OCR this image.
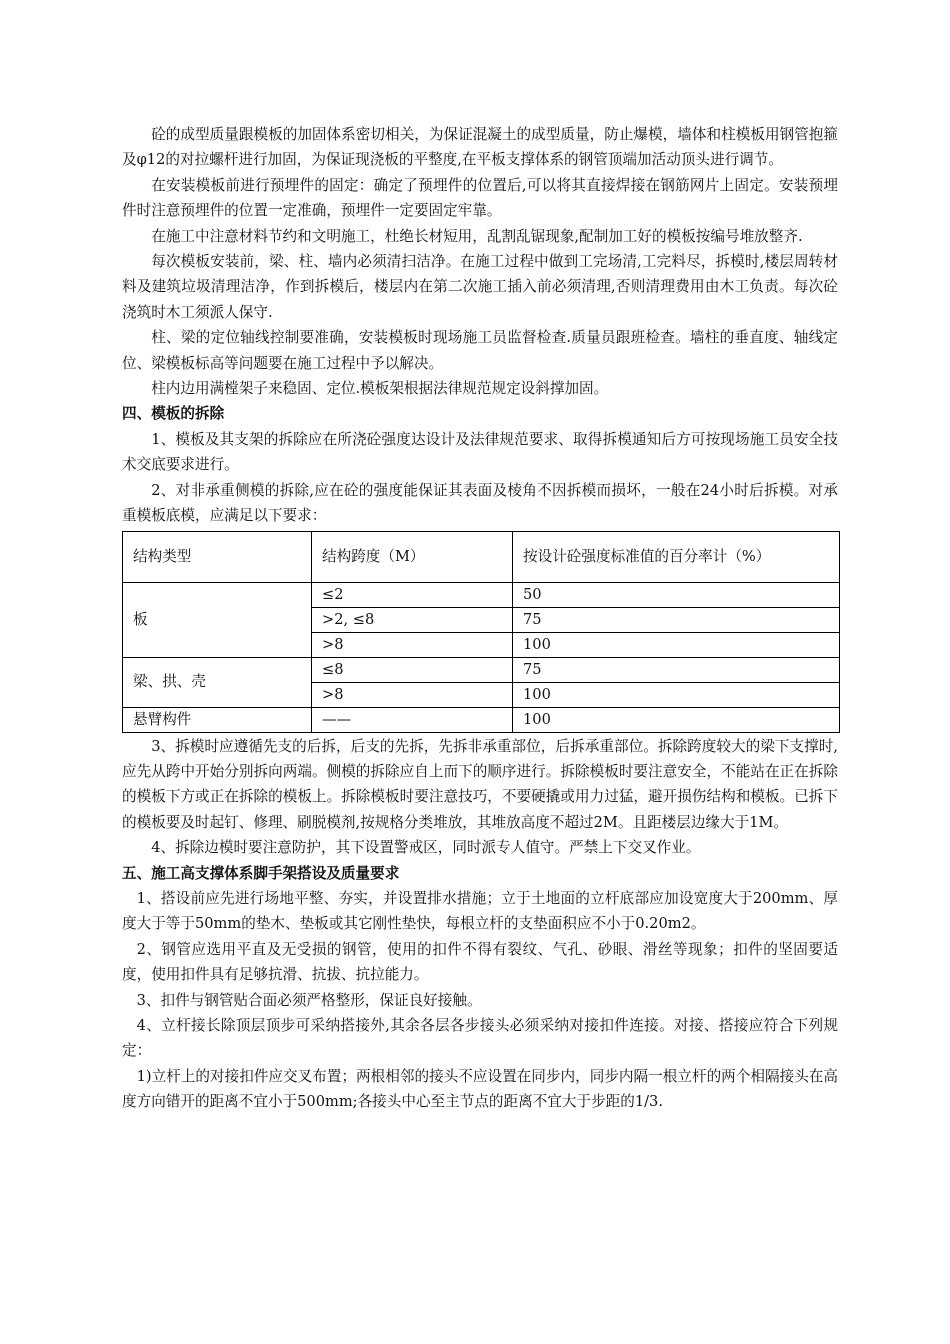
砼的成型质量跟模板的加固体系密切相关，为保证混凝土的成型质量，防止爆模，墙体和柱模板用钢管抱箍及φ12的对拉螺杆进行加固，为保证现浇板的平整度,在平板支撑体系的钢管顶端加活动顶头进行调节。

在安装模板前进行预埋件的固定：确定了预埋件的位置后,可以将其直接焊接在钢筋网片上固定。安装预埋件时注意预埋件的位置一定准确，预埋件一定要固定牢靠。

在施工中注意材料节约和文明施工，杜绝长材短用，乱割乱锯现象,配制加工好的模板按编号堆放整齐.

每次模板安装前，梁、柱、墙内必须清扫洁净。在施工过程中做到工完场清,工完料尽，拆模时,楼层周转材料及建筑垃圾清理洁净，作到拆模后，楼层内在第二次施工插入前必须清理,否则清理费用由木工负责。每次砼浇筑时木工须派人保守.

柱、梁的定位轴线控制要准确，安装模板时现场施工员监督检查.质量员跟班检查。墙柱的垂直度、轴线定位、梁模板标高等问题要在施工过程中予以解决。

柱内边用满樘架子来稳固、定位.模板架根据法律规范规定设斜撑加固。

四、模板的拆除

1、模板及其支架的拆除应在所浇砼强度达设计及法律规范要求、取得拆模通知后方可按现场施工员安全技术交底要求进行。

2、对非承重侧模的拆除,应在砼的强度能保证其表面及棱角不因拆模而损坏，一般在24小时后拆模。对承重模板底模，应满足以下要求：

结构类型	结构跨度（M）	按设计砼强度标准值的百分率计（%）
板	≤2	50
	>2, ≤8	75
	>8	100
梁、拱、壳	≤8	75
	>8	100
悬臂构件	——	100

3、拆模时应遵循先支的后拆，后支的先拆，先拆非承重部位，后拆承重部位。拆除跨度较大的梁下支撑时,应先从跨中开始分别拆向两端。侧模的拆除应自上而下的顺序进行。拆除模板时要注意安全，不能站在正在拆除的模板下方或正在拆除的模板上。拆除模板时要注意技巧，不要硬撬或用力过猛，避开损伤结构和模板。已拆下的模板要及时起钉、修理、刷脱模剂,按规格分类堆放，其堆放高度不超过2M。且距楼层边缘大于1M。

4、拆除边模时要注意防护，其下设置警戒区，同时派专人值守。严禁上下交叉作业。

五、施工高支撑体系脚手架搭设及质量要求

1、搭设前应先进行场地平整、夯实，并设置排水措施；立于土地面的立杆底部应加设宽度大于200mm、厚度大于等于50mm的垫木、垫板或其它刚性垫快，每根立杆的支垫面积应不小于0.20m2。

2、钢管应选用平直及无受损的钢管，使用的扣件不得有裂纹、气孔、砂眼、滑丝等现象；扣件的坚固要适度，使用扣件具有足够抗滑、抗拔、抗拉能力。

3、扣件与钢管贴合面必须严格整形，保证良好接触。

4、立杆接长除顶层顶步可采纳搭接外,其余各层各步接头必须采纳对接扣件连接。对接、搭接应符合下列规定：

1)立杆上的对接扣件应交叉布置；两根相邻的接头不应设置在同步内，同步内隔一根立杆的两个相隔接头在高度方向错开的距离不宜小于500mm;各接头中心至主节点的距离不宜大于步距的1/3.
